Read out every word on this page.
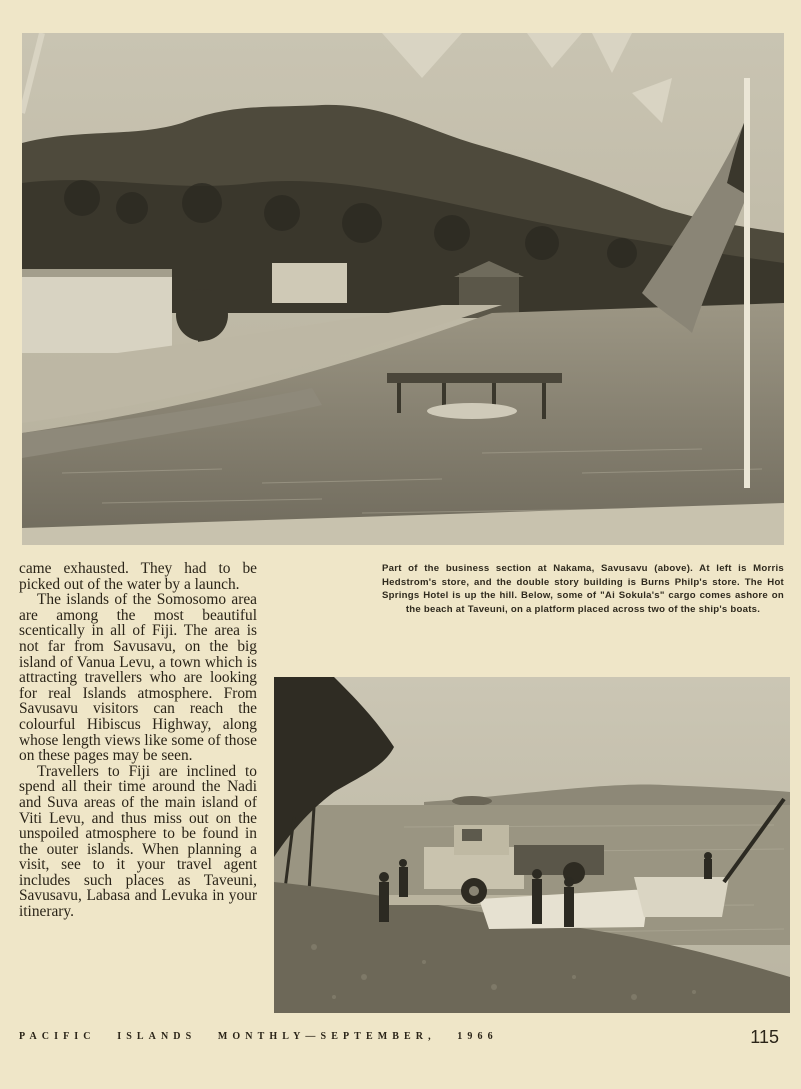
came exhausted. They had to be picked out of the water by a launch.

The islands of the Somosomo area are among the most beautiful scentically in all of Fiji. The area is not far from Savusavu, on the big island of Vanua Levu, a town which is attracting travellers who are looking for real Islands atmosphere. From Savusavu visitors can reach the colourful Hibiscus Highway, along whose length views like some of those on these pages may be seen.

Travellers to Fiji are inclined to spend all their time around the Nadi and Suva areas of the main island of Viti Levu, and thus miss out on the unspoiled atmosphere to be found in the outer islands. When planning a visit, see to it your travel agent includes such places as Taveuni, Savusavu, Labasa and Levuka in your itinerary.

Part of the business section at Nakama, Savusavu (above). At left is Morris Hedstrom's store, and the double story building is Burns Philp's store. The Hot Springs Hotel is up the hill. Below, some of "Ai Sokula's" cargo comes ashore on the beach at Taveuni, on a platform placed across two of the ship's boats.
PACIFIC ISLANDS MONTHLY—SEPTEMBER, 1966	115
